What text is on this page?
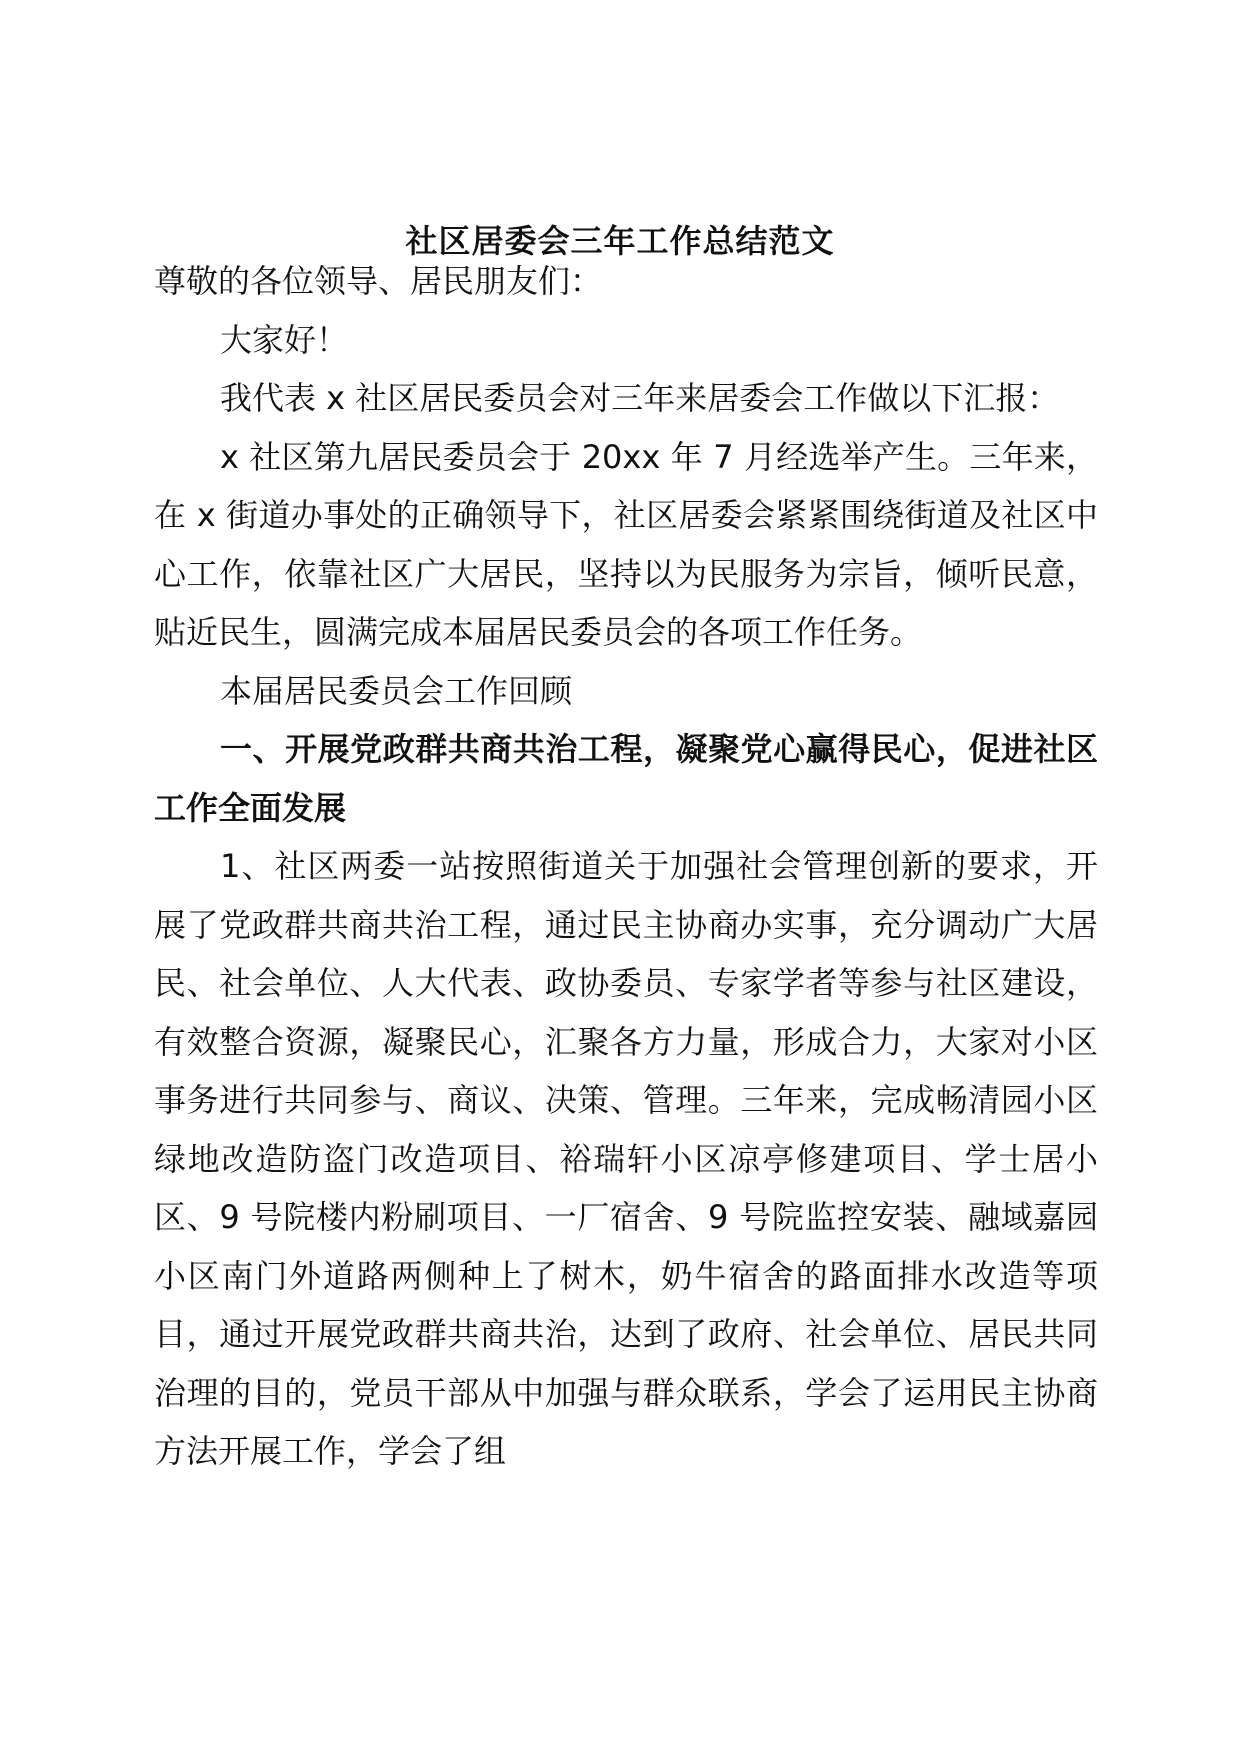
社区居委会三年工作总结范文

尊敬的各位领导、居民朋友们：

大家好！

我代表 x 社区居民委员会对三年来居委会工作做以下汇报：

x 社区第九居民委员会于 20xx 年 7 月经选举产生。三年来，在 x 街道办事处的正确领导下，社区居委会紧紧围绕街道及社区中心工作，依靠社区广大居民，坚持以为民服务为宗旨，倾听民意，贴近民生，圆满完成本届居民委员会的各项工作任务。

本届居民委员会工作回顾

一、开展党政群共商共治工程，凝聚党心赢得民心，促进社区工作全面发展

1、社区两委一站按照街道关于加强社会管理创新的要求，开展了党政群共商共治工程，通过民主协商办实事，充分调动广大居民、社会单位、人大代表、政协委员、专家学者等参与社区建设，有效整合资源，凝聚民心，汇聚各方力量，形成合力，大家对小区事务进行共同参与、商议、决策、管理。三年来，完成畅清园小区绿地改造防盗门改造项目、裕瑞轩小区凉亭修建项目、学士居小区、9 号院楼内粉刷项目、一厂宿舍、9 号院监控安装、融域嘉园小区南门外道路两侧种上了树木，奶牛宿舍的路面排水改造等项目，通过开展党政群共商共治，达到了政府、社会单位、居民共同治理的目的，党员干部从中加强与群众联系，学会了运用民主协商方法开展工作，学会了组
